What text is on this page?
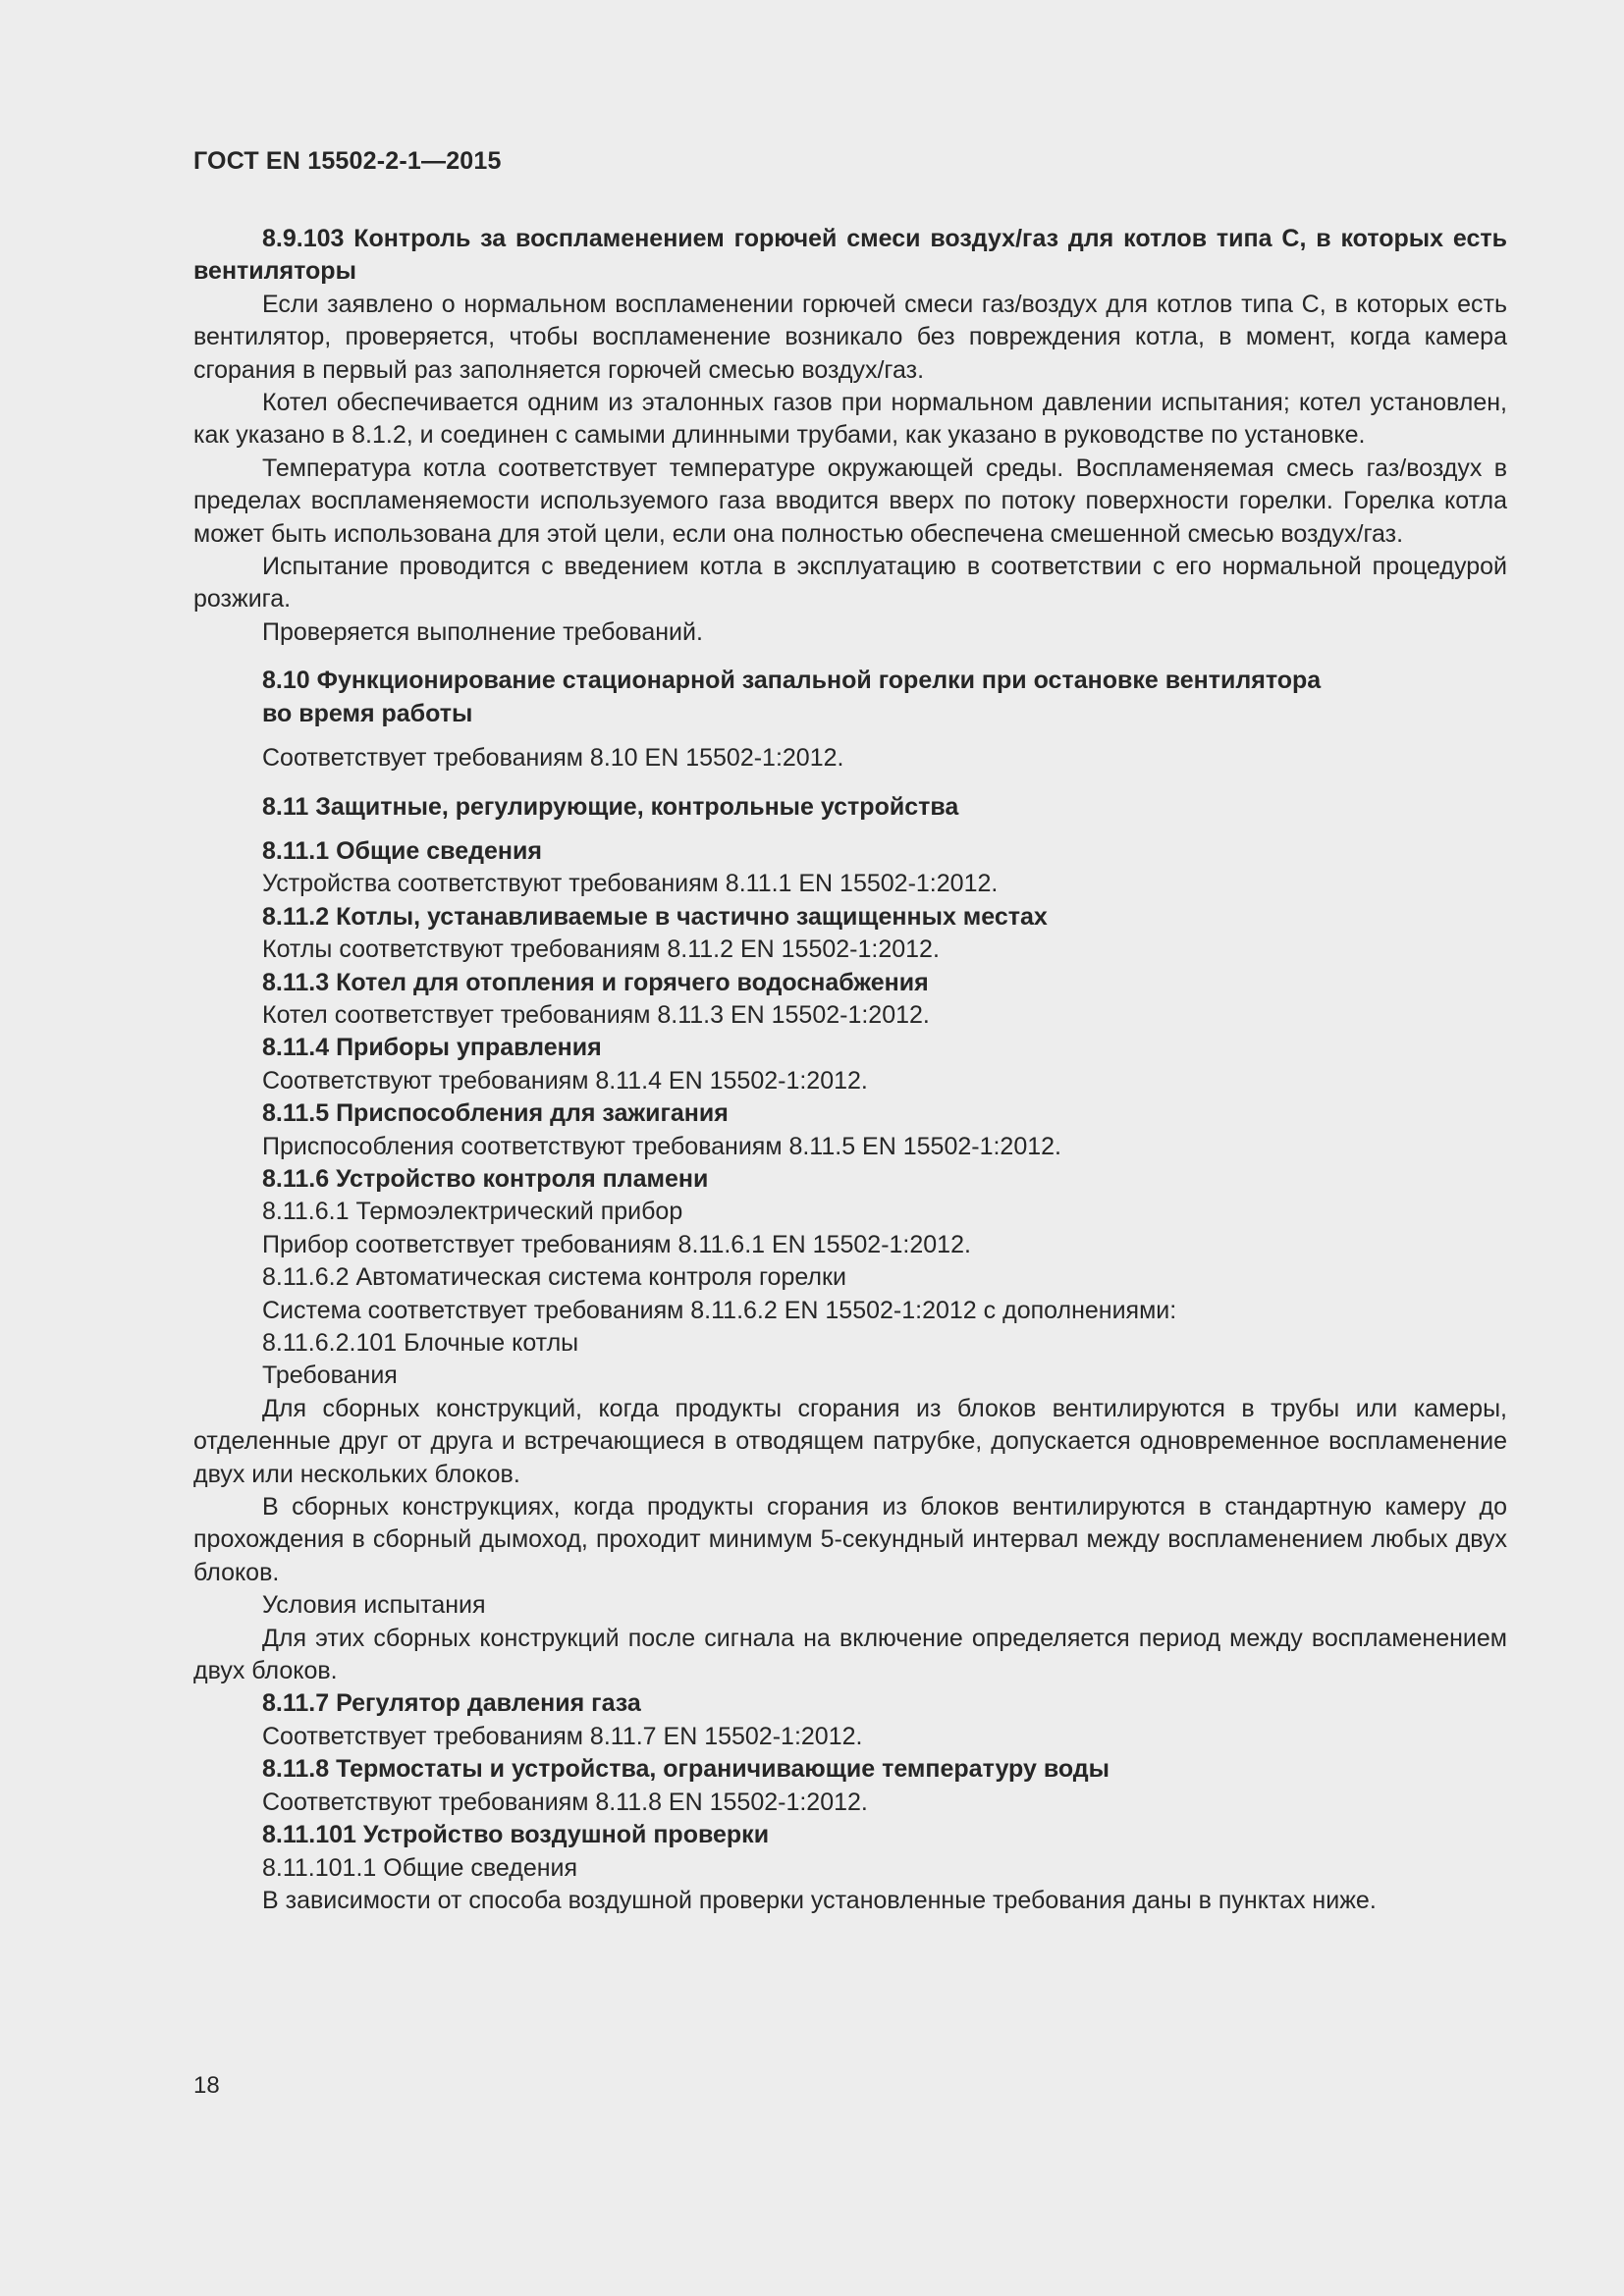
ГОСТ EN 15502-2-1—2015

8.9.103 Контроль за воспламенением горючей смеси воздух/газ для котлов типа С, в которых есть вентиляторы

Если заявлено о нормальном воспламенении горючей смеси газ/воздух для котлов типа С, в которых есть вентилятор, проверяется, чтобы воспламенение возникало без повреждения котла, в момент, когда камера сгорания в первый раз заполняется горючей смесью воздух/газ.

Котел обеспечивается одним из эталонных газов при нормальном давлении испытания; котел установлен, как указано в 8.1.2, и соединен с самыми длинными трубами, как указано в руководстве по установке.

Температура котла соответствует температуре окружающей среды. Воспламеняемая смесь газ/воздух в пределах воспламеняемости используемого газа вводится вверх по потоку поверхности горелки. Горелка котла может быть использована для этой цели, если она полностью обеспечена смешенной смесью воздух/газ.

Испытание проводится с введением котла в эксплуатацию в соответствии с его нормальной процедурой розжига.

Проверяется выполнение требований.

8.10 Функционирование стационарной запальной горелки при остановке вентилятора

во время работы

Соответствует требованиям 8.10 EN 15502-1:2012.

8.11 Защитные, регулирующие, контрольные устройства

8.11.1 Общие сведения

Устройства соответствуют требованиям 8.11.1 EN 15502-1:2012.

8.11.2 Котлы, устанавливаемые в частично защищенных местах

Котлы соответствуют требованиям 8.11.2 EN 15502-1:2012.

8.11.3 Котел для отопления и горячего водоснабжения

Котел соответствует требованиям 8.11.3 EN 15502-1:2012.

8.11.4 Приборы управления

Соответствуют требованиям 8.11.4 EN 15502-1:2012.

8.11.5 Приспособления для зажигания

Приспособления соответствуют требованиям 8.11.5 EN 15502-1:2012.

8.11.6 Устройство контроля пламени

8.11.6.1 Термоэлектрический прибор

Прибор соответствует требованиям 8.11.6.1 EN 15502-1:2012.

8.11.6.2 Автоматическая система контроля горелки

Система соответствует требованиям 8.11.6.2 EN 15502-1:2012 с дополнениями:

8.11.6.2.101 Блочные котлы

Требования

Для сборных конструкций, когда продукты сгорания из блоков вентилируются в трубы или камеры, отделенные друг от друга и встречающиеся в отводящем патрубке, допускается одновременное воспламенение двух или нескольких блоков.

В сборных конструкциях, когда продукты сгорания из блоков вентилируются в стандартную камеру до прохождения в сборный дымоход, проходит минимум 5-секундный интервал между воспламенением любых двух блоков.

Условия испытания

Для этих сборных конструкций после сигнала на включение определяется период между воспламенением двух блоков.

8.11.7 Регулятор давления газа

Соответствует требованиям 8.11.7 EN 15502-1:2012.

8.11.8 Термостаты и устройства, ограничивающие температуру воды

Соответствуют требованиям 8.11.8 EN 15502-1:2012.

8.11.101 Устройство воздушной проверки

8.11.101.1 Общие сведения

В зависимости от способа воздушной проверки установленные требования даны в пунктах ниже.

18
